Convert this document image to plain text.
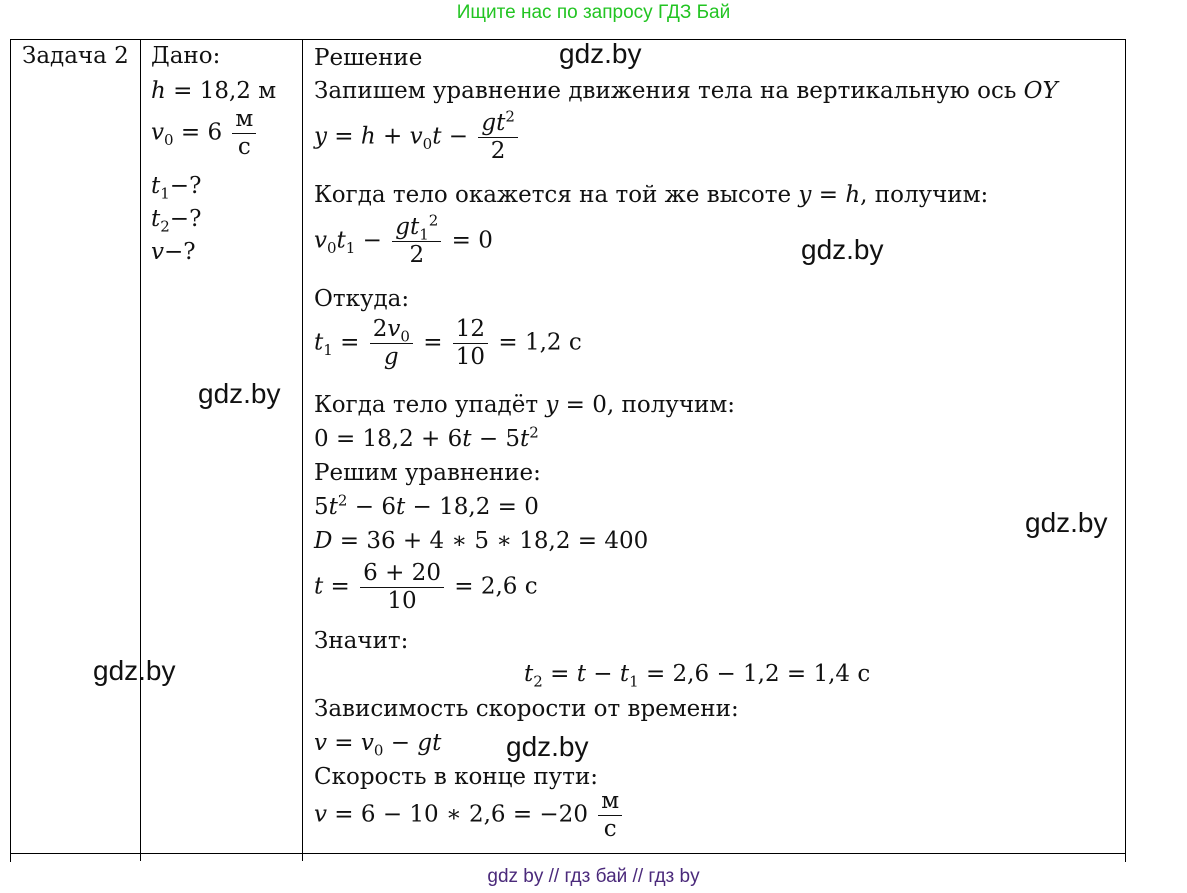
Ищите нас по запросу ГДЗ Бай
Задача 2 Дано:
h = 18,2 м
$v_0 = 6 \frac{м}{с}$
$t_1-$?
$t_2-$?
v−?
Решение
Запишем уравнение движения тела на вертикальную ось OY
$y = h + v_0t - \frac{gt^2}{2}$
Когда тело окажется на той же высоте y = h, получим:
$v_0t_1 - \frac{gt_1^2}{2} = 0$
Откуда:
$t_1 = \frac{2v_0}{g} = \frac{12}{10} = 1,2$ с
Когда тело упадёт y = 0, получим:
$0 = 18,2 + 6t - 5t^2$
Решим уравнение:
$5t^2 - 6t - 18,2 = 0$
D = 36 + 4 ∗ 5 ∗ 18,2 = 400
$t = \frac{6 + 20}{10} = 2,6$ с
Значит:
$t_2 = t - t_1 = 2,6 - 1,2 = 1,4$ с
Зависимость скорости от времени:
$v = v_0$ − gt
Скорость в конце пути:
v = 6 − 10 ∗ $2,6 = -20 \frac{м}{с}$
gdz.by
gdz.by
gdz.by
gdz.by
gdz.by
gdz.by
gdz by // гдз бай // гдз by
